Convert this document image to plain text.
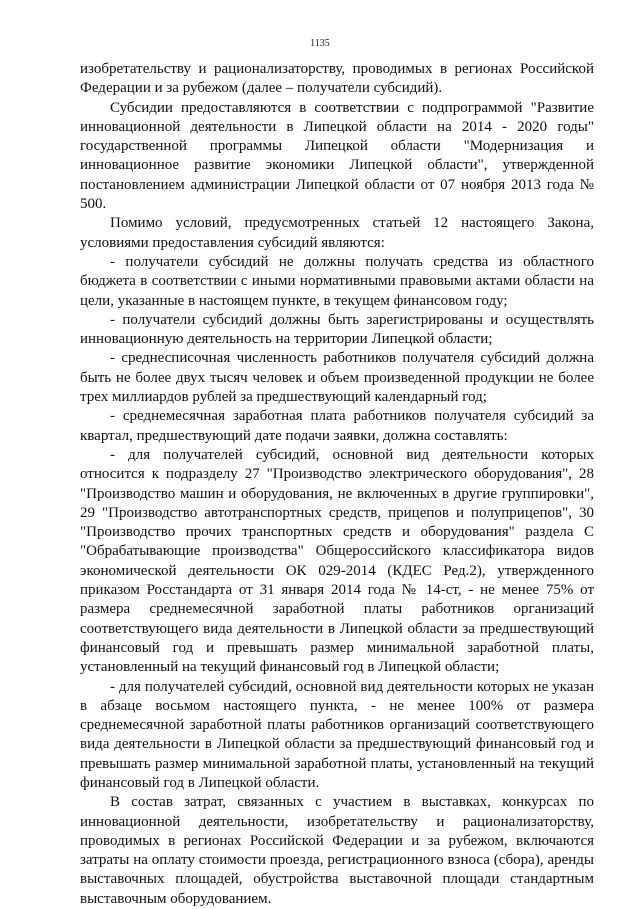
1135

изобретательству и рационализаторству, проводимых в регионах Российской Федерации и за рубежом (далее – получатели субсидий).

Субсидии предоставляются в соответствии с подпрограммой "Развитие инновационной деятельности в Липецкой области на 2014 - 2020 годы" государственной программы Липецкой области "Модернизация и инновационное развитие экономики Липецкой области", утвержденной постановлением администрации Липецкой области от 07 ноября 2013 года № 500.

Помимо условий, предусмотренных статьей 12 настоящего Закона, условиями предоставления субсидий являются:

- получатели субсидий не должны получать средства из областного бюджета в соответствии с иными нормативными правовыми актами области на цели, указанные в настоящем пункте, в текущем финансовом году;

- получатели субсидий должны быть зарегистрированы и осуществлять инновационную деятельность на территории Липецкой области;

- среднесписочная численность работников получателя субсидий должна быть не более двух тысяч человек и объем произведенной продукции не более трех миллиардов рублей за предшествующий календарный год;

- среднемесячная заработная плата работников получателя субсидий за квартал, предшествующий дате подачи заявки, должна составлять:

- для получателей субсидий, основной вид деятельности которых относится к подразделу 27 "Производство электрического оборудования", 28 "Производство машин и оборудования, не включенных в другие группировки", 29 "Производство автотранспортных средств, прицепов и полуприцепов", 30 "Производство прочих транспортных средств и оборудования" раздела С "Обрабатывающие производства" Общероссийского классификатора видов экономической деятельности ОК 029-2014 (КДЕС Ред.2), утвержденного приказом Росстандарта от 31 января 2014 года № 14-ст, - не менее 75% от размера среднемесячной заработной платы работников организаций соответствующего вида деятельности в Липецкой области за предшествующий финансовый год и превышать размер минимальной заработной платы, установленный на текущий финансовый год в Липецкой области;

- для получателей субсидий, основной вид деятельности которых не указан в абзаце восьмом настоящего пункта, - не менее 100% от размера среднемесячной заработной платы работников организаций соответствующего вида деятельности в Липецкой области за предшествующий финансовый год и превышать размер минимальной заработной платы, установленный на текущий финансовый год в Липецкой области.

В состав затрат, связанных с участием в выставках, конкурсах по инновационной деятельности, изобретательству и рационализаторству, проводимых в регионах Российской Федерации и за рубежом, включаются затраты на оплату стоимости проезда, регистрационного взноса (сбора), аренды выставочных площадей, обустройства выставочной площади стандартным выставочным оборудованием.
